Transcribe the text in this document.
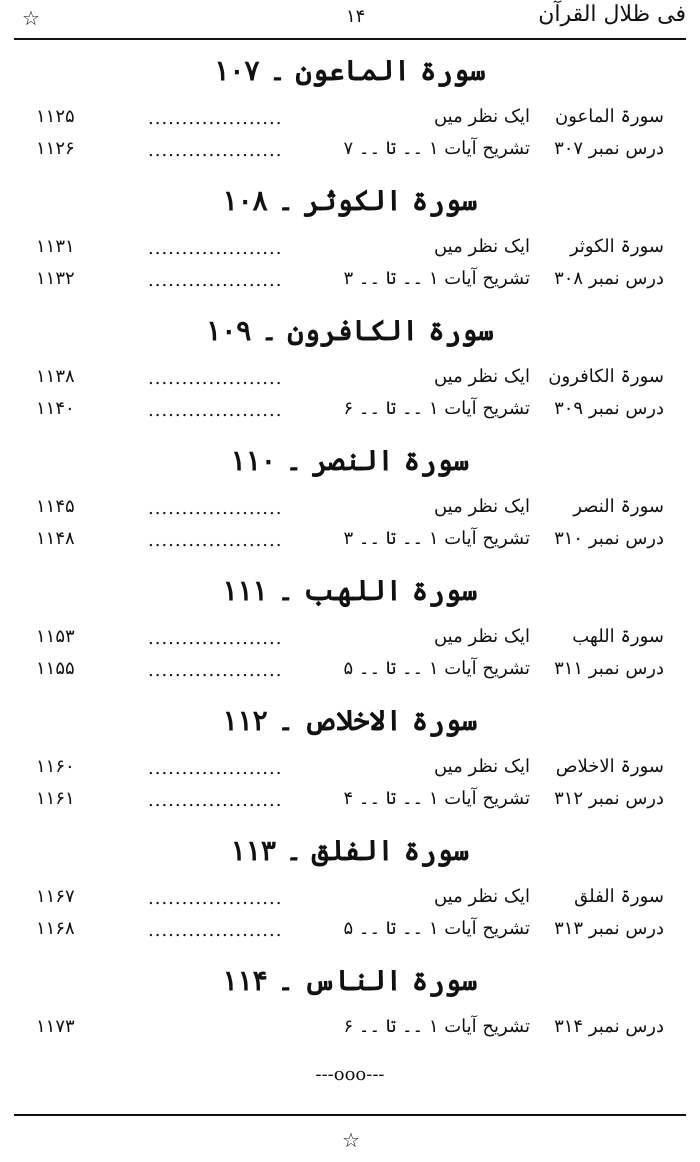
☆	۱۴	فی ظلال القرآن
سورۃ الماعون ۔ ۱۰۷
سورۃ الماعون
ایک نظر میں
....................
۱۱۲۵
درس نمبر ۳۰۷
تشریح آیات ۱ ۔۔ تا ۔۔ ۷
....................
۱۱۲۶
سورۃ الکوثر ۔ ۱۰۸
سورۃ الکوثر
ایک نظر میں
....................
۱۱۳۱
درس نمبر ۳۰۸
تشریح آیات ۱ ۔۔ تا ۔۔ ۳
....................
۱۱۳۲
سورۃ الکافرون ۔ ۱۰۹
سورۃ الکافرون
ایک نظر میں
....................
۱۱۳۸
درس نمبر ۳۰۹
تشریح آیات ۱ ۔۔ تا ۔۔ ۶
....................
۱۱۴۰
سورۃ النصر ۔ ۱۱۰
سورۃ النصر
ایک نظر میں
....................
۱۱۴۵
درس نمبر ۳۱۰
تشریح آیات ۱ ۔۔ تا ۔۔ ۳
....................
۱۱۴۸
سورۃ اللھب ۔ ۱۱۱
سورۃ اللھب
ایک نظر میں
....................
۱۱۵۳
درس نمبر ۳۱۱
تشریح آیات ۱ ۔۔ تا ۔۔ ۵
....................
۱۱۵۵
سورۃ الاخلاص ۔ ۱۱۲
سورۃ الاخلاص
ایک نظر میں
....................
۱۱۶۰
درس نمبر ۳۱۲
تشریح آیات ۱ ۔۔ تا ۔۔ ۴
....................
۱۱۶۱
سورۃ الفلق ۔ ۱۱۳
سورۃ الفلق
ایک نظر میں
....................
۱۱۶۷
درس نمبر ۳۱۳
تشریح آیات ۱ ۔۔ تا ۔۔ ۵
....................
۱۱۶۸
سورۃ الناس ۔ ۱۱۴
درس نمبر ۳۱۴
تشریح آیات ۱ ۔۔ تا ۔۔ ۶
۱۱۷۳
---ooo---
☆
